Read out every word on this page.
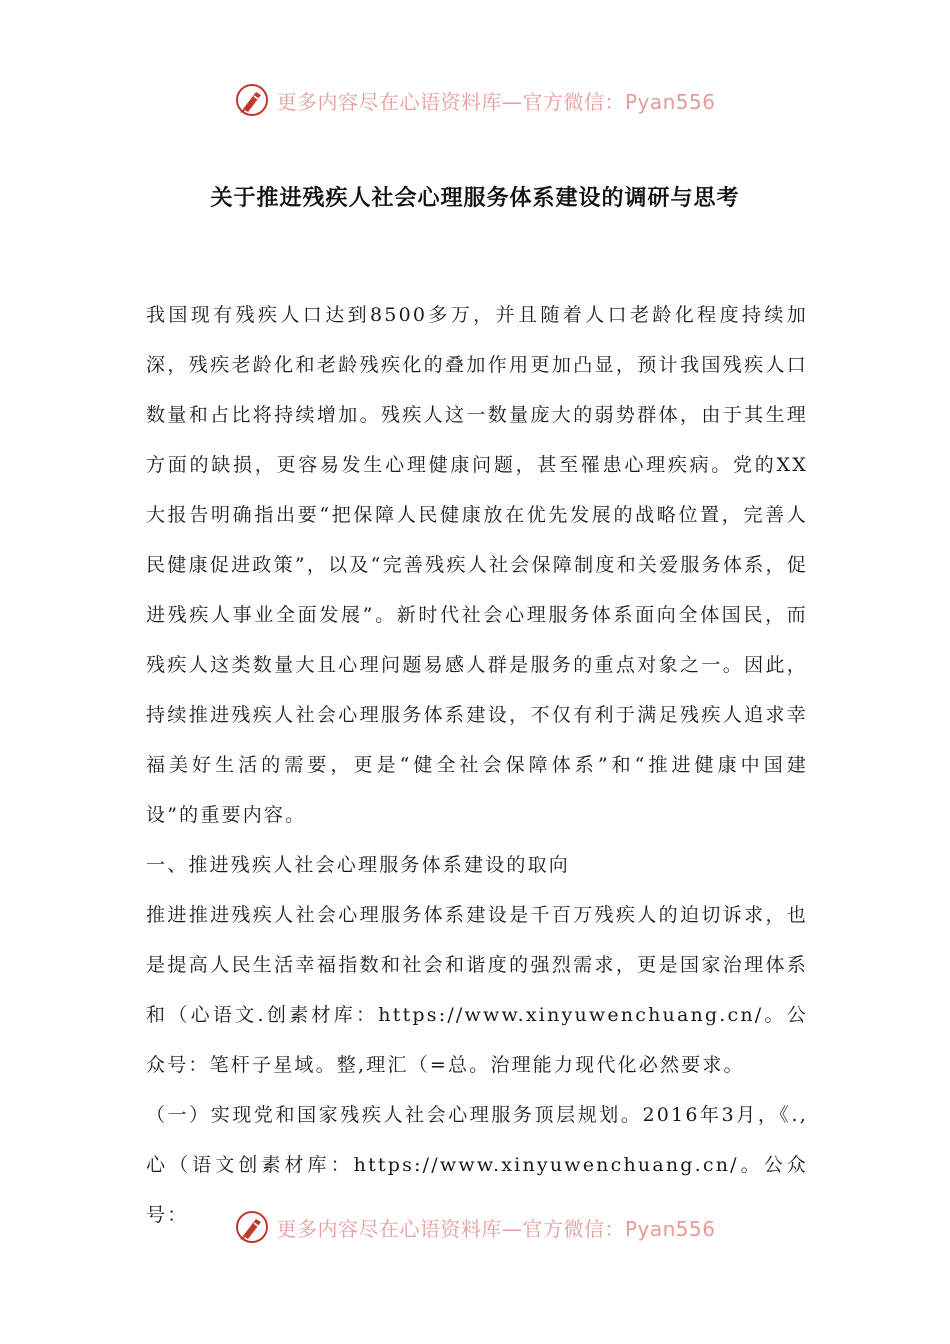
更多内容尽在心语资料库—官方微信：Pyan556
关于推进残疾人社会心理服务体系建设的调研与思考

我国现有残疾人口达到8500多万，并且随着人口老龄化程度持续加深，残疾老龄化和老龄残疾化的叠加作用更加凸显，预计我国残疾人口数量和占比将持续增加。残疾人这一数量庞大的弱势群体，由于其生理方面的缺损，更容易发生心理健康问题，甚至罹患心理疾病。党的XX大报告明确指出要“把保障人民健康放在优先发展的战略位置，完善人民健康促进政策”，以及“完善残疾人社会保障制度和关爱服务体系，促进残疾人事业全面发展”。新时代社会心理服务体系面向全体国民，而残疾人这类数量大且心理问题易感人群是服务的重点对象之一。因此，持续推进残疾人社会心理服务体系建设，不仅有利于满足残疾人追求幸福美好生活的需要，更是“健全社会保障体系”和“推进健康中国建设”的重要内容。

一、推进残疾人社会心理服务体系建设的取向

推进推进残疾人社会心理服务体系建设是千百万残疾人的迫切诉求，也是提高人民生活幸福指数和社会和谐度的强烈需求，更是国家治理体系和（心语文.创素材库：https://www.xinyuwenchuang.cn/。公众号：笔杆子星域。整,理汇（=总。治理能力现代化必然要求。

（一）实现党和国家残疾人社会心理服务顶层规划。2016年3月，《.,心（语文创素材库：https://www.xinyuwenchuang.cn/。公众号：

更多内容尽在心语资料库—官方微信：Pyan556
